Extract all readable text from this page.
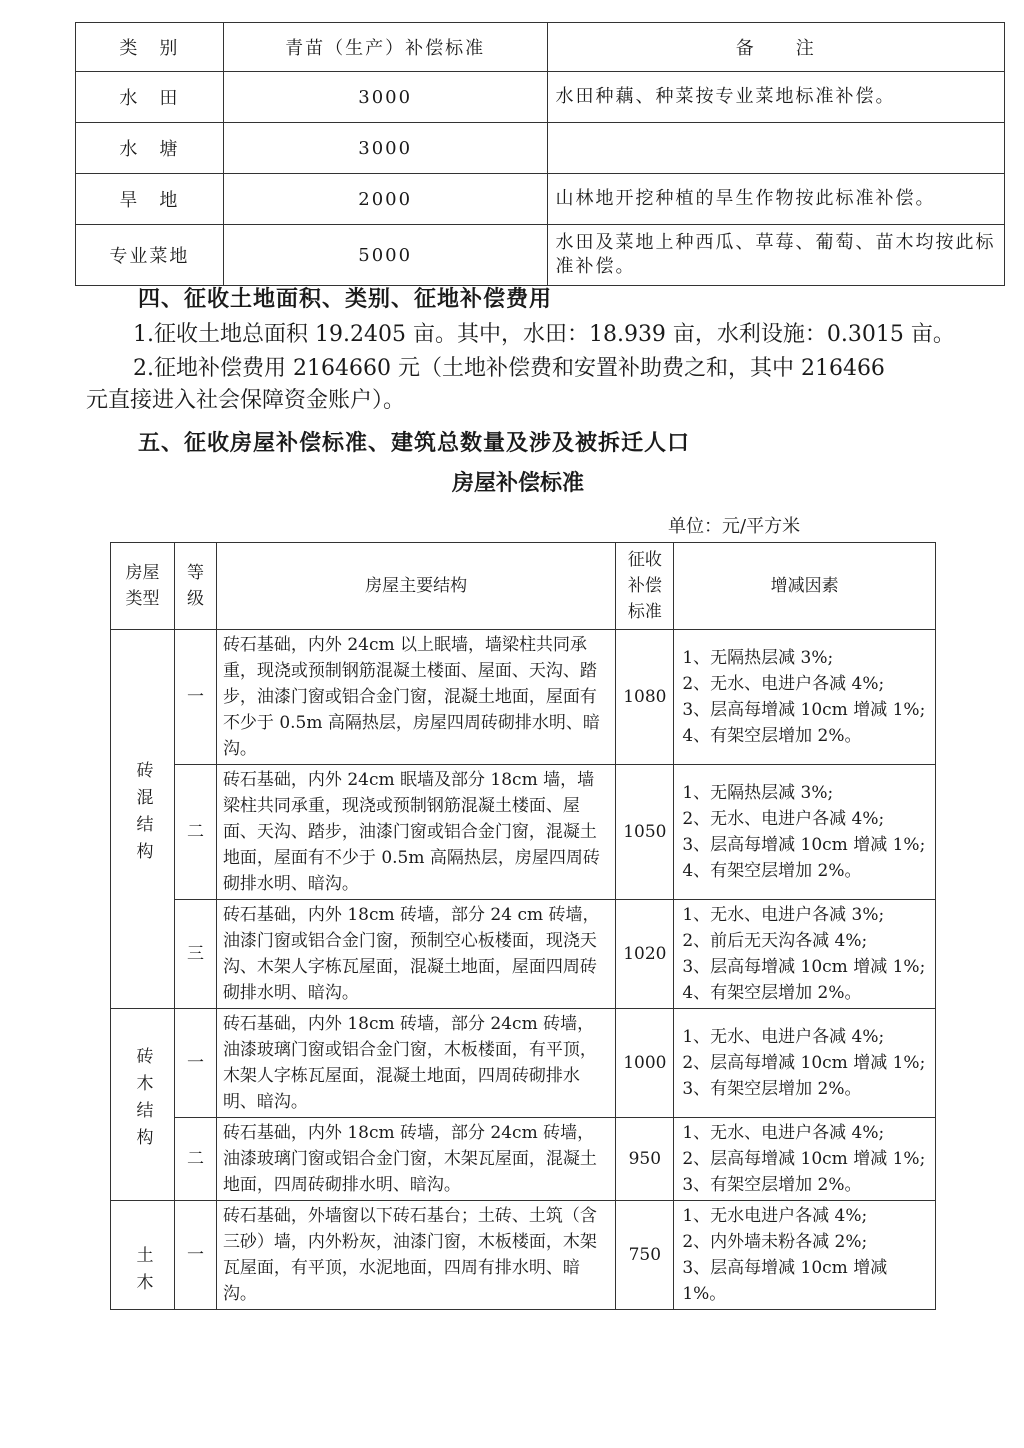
类　别	青苗（生产）补偿标准	备　　注
水　田	3000	水田种藕、种菜按专业菜地标准补偿。
水　塘	3000	
旱　地	2000	山林地开挖种植的旱生作物按此标准补偿。
专业菜地	5000	水田及菜地上种西瓜、草莓、葡萄、苗木均按此标准补偿。
四、征收土地面积、类别、征地补偿费用
1.征收土地总面积 19.2405 亩。其中，水田：18.939 亩，水利设施：0.3015 亩。
2.征地补偿费用 2164660 元（土地补偿费和安置补助费之和，其中 216466
元直接进入社会保障资金账户）。
五、征收房屋补偿标准、建筑总数量及涉及被拆迁人口
房屋补偿标准
单位：元/平方米
房屋类型	等级	房屋主要结构	征收补偿标准	增减因素
砖混结构	一	砖石基础，内外 24cm 以上眠墙，墙梁柱共同承重，现浇或预制钢筋混凝土楼面、屋面、天沟、踏步，油漆门窗或铝合金门窗，混凝土地面，屋面有不少于 0.5m 高隔热层，房屋四周砖砌排水明、暗沟。	1080	1、无隔热层减 3%;
2、无水、电进户各减 4%;
3、层高每增减 10cm 增减 1%;
4、有架空层增加 2%。

	二	砖石基础，内外 24cm 眠墙及部分 18cm 墙，墙梁柱共同承重，现浇或预制钢筋混凝土楼面、屋面、天沟、踏步，油漆门窗或铝合金门窗，混凝土地面，屋面有不少于 0.5m 高隔热层，房屋四周砖砌排水明、暗沟。	1050	1、无隔热层减 3%;
2、无水、电进户各减 4%;
3、层高每增减 10cm 增减 1%;
4、有架空层增加 2%。

	三	砖石基础，内外 18cm 砖墙，部分 24 cm 砖墙，油漆门窗或铝合金门窗，预制空心板楼面，现浇天沟、木架人字栋瓦屋面，混凝土地面，屋面四周砖砌排水明、暗沟。	1020	1、无水、电进户各减 3%;
2、前后无天沟各减 4%;
3、层高每增减 10cm 增减 1%;
4、有架空层增加 2%。

砖木结构	一	砖石基础，内外 18cm 砖墙，部分 24cm 砖墙，油漆玻璃门窗或铝合金门窗，木板楼面，有平顶，木架人字栋瓦屋面，混凝土地面，四周砖砌排水明、暗沟。	1000	1、无水、电进户各减 4%;
2、层高每增减 10cm 增减 1%;
3、有架空层增加 2%。

	二	砖石基础，内外 18cm 砖墙，部分 24cm 砖墙，油漆玻璃门窗或铝合金门窗，木架瓦屋面，混凝土地面，四周砖砌排水明、暗沟。	950	1、无水、电进户各减 4%;
2、层高每增减 10cm 增减 1%;
3、有架空层增加 2%。

土木	一	砖石基础，外墙窗以下砖石基台；土砖、土筑（含三砂）墙，内外粉灰，油漆门窗，木板楼面，木架瓦屋面，有平顶，水泥地面，四周有排水明、暗沟。	750	1、无水电进户各减 4%;
2、内外墙未粉各减 2%;
3、层高每增减 10cm 增减 1%。
